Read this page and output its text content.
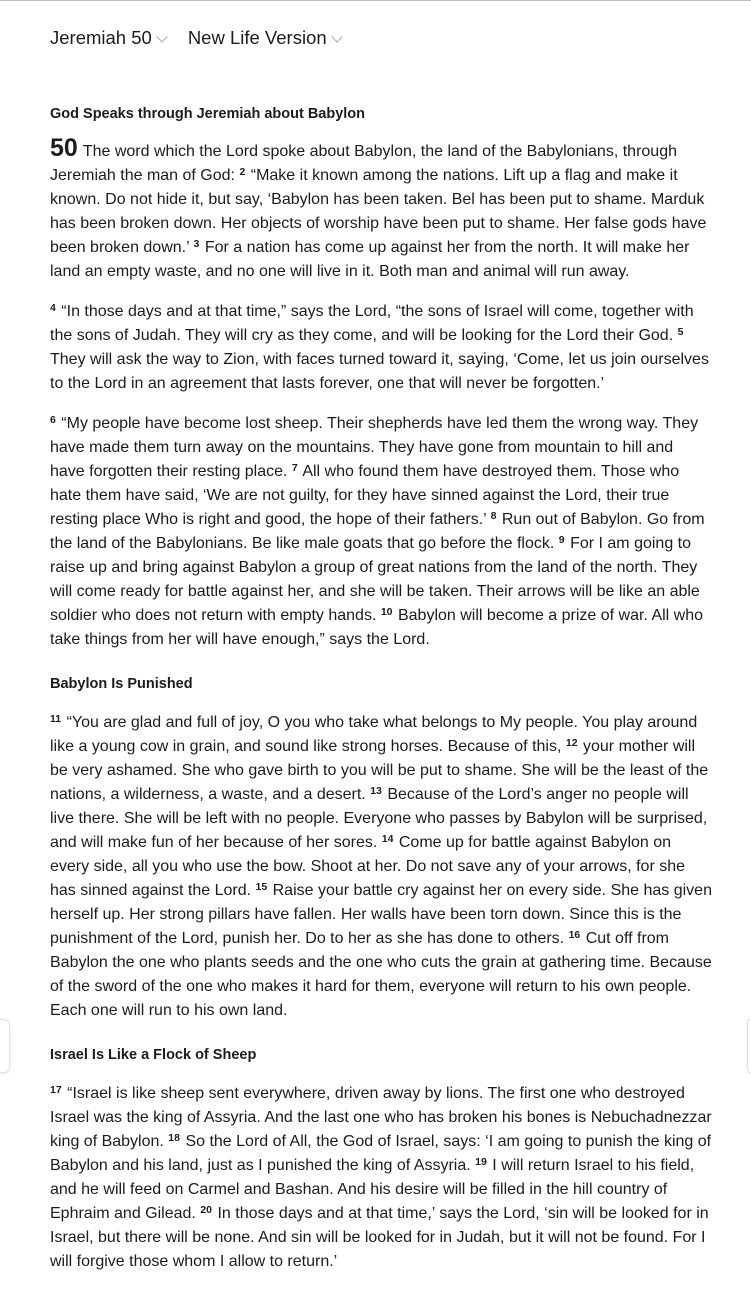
Jeremiah 50 New Life Version
God Speaks through Jeremiah about Babylon

50 The word which the Lord spoke about Babylon, the land of the Babylonians, through Jeremiah the man of God: $^2$ “Make it known among the nations. Lift up a flag and make it known. Do not hide it, but say, ‘Babylon has been taken. Bel has been put to shame. Marduk has been broken down. Her objects of worship have been put to shame. Her false gods have been broken down.’ $^3$ For a nation has come up against her from the north. It will make her land an empty waste, and no one will live in it. Both man and animal will run away.

$^4$ “In those days and at that time,” says the Lord, “the sons of Israel will come, together with the sons of Judah. They will cry as they come, and will be looking for the Lord their God. $^5$ They will ask the way to Zion, with faces turned toward it, saying, ‘Come, let us join ourselves to the Lord in an agreement that lasts forever, one that will never be forgotten.’

$^6$ “My people have become lost sheep. Their shepherds have led them the wrong way. They have made them turn away on the mountains. They have gone from mountain to hill and have forgotten their resting place. $^7$ All who found them have destroyed them. Those who hate them have said, ‘We are not guilty, for they have sinned against the Lord, their true resting place Who is right and good, the hope of their fathers.’ $^8$ Run out of Babylon. Go from the land of the Babylonians. Be like male goats that go before the flock. $^9$ For I am going to raise up and bring against Babylon a group of great nations from the land of the north. They will come ready for battle against her, and she will be taken. Their arrows will be like an able soldier who does not return with empty hands. $^{10}$ Babylon will become a prize of war. All who take things from her will have enough,” says the Lord.

Babylon Is Punished

$^{11}$ “You are glad and full of joy, O you who take what belongs to My people. You play around like a young cow in grain, and sound like strong horses. Because of this, $^{12}$ your mother will be very ashamed. She who gave birth to you will be put to shame. She will be the least of the nations, a wilderness, a waste, and a desert. $^{13}$ Because of the Lord’s anger no people will live there. She will be left with no people. Everyone who passes by Babylon will be surprised, and will make fun of her because of her sores. $^{14}$ Come up for battle against Babylon on every side, all you who use the bow. Shoot at her. Do not save any of your arrows, for she has sinned against the Lord. $^{15}$ Raise your battle cry against her on every side. She has given herself up. Her strong pillars have fallen. Her walls have been torn down. Since this is the punishment of the Lord, punish her. Do to her as she has done to others. $^{16}$ Cut off from Babylon the one who plants seeds and the one who cuts the grain at gathering time. Because of the sword of the one who makes it hard for them, everyone will return to his own people. Each one will run to his own land.

Israel Is Like a Flock of Sheep

$^{17}$ “Israel is like sheep sent everywhere, driven away by lions. The first one who destroyed Israel was the king of Assyria. And the last one who has broken his bones is Nebuchadnezzar king of Babylon. $^{18}$ So the Lord of All, the God of Israel, says: ‘I am going to punish the king of Babylon and his land, just as I punished the king of Assyria. $^{19}$ I will return Israel to his field, and he will feed on Carmel and Bashan. And his desire will be filled in the hill country of Ephraim and Gilead. $^{20}$ In those days and at that time,’ says the Lord, ‘sin will be looked for in Israel, but there will be none. And sin will be looked for in Judah, but it will not be found. For I will forgive those whom I allow to return.’
